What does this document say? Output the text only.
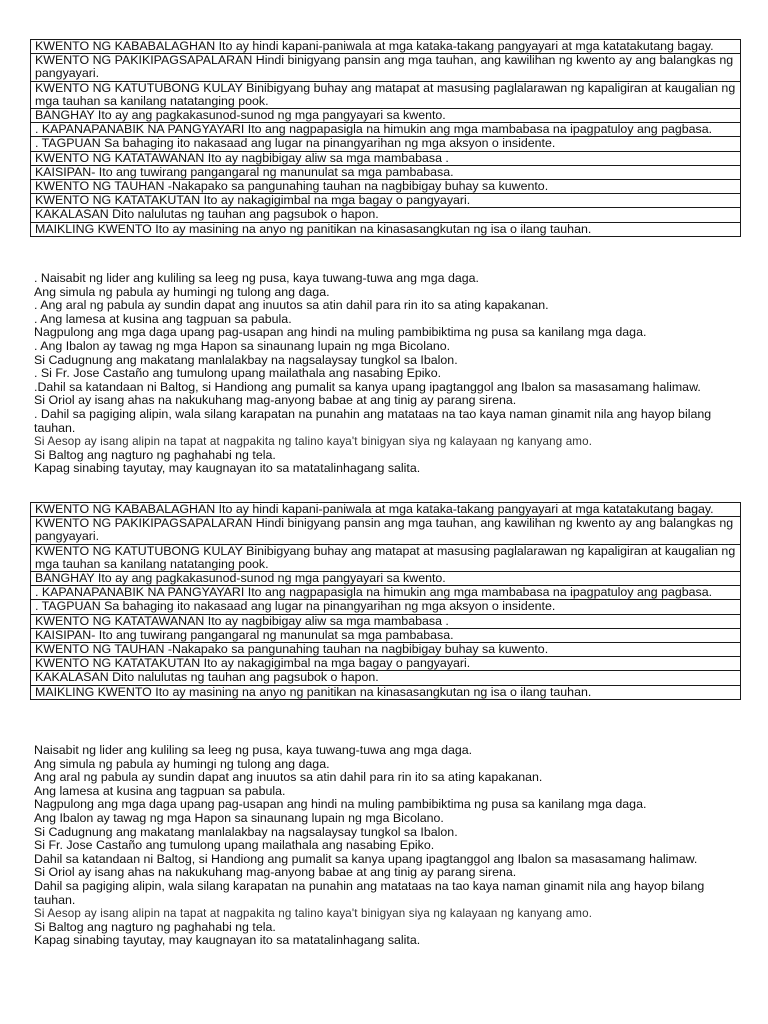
KWENTO NG KABABALAGHAN Ito ay hindi kapani-paniwala at mga kataka-takang pangyayari at mga katatakutang bagay.
KWENTO NG PAKIKIPAGSAPALARAN Hindi binigyang pansin ang mga tauhan, ang kawilihan ng kwento ay ang balangkas ng pangyayari.
KWENTO NG KATUTUBONG KULAY Binibigyang buhay ang matapat at masusing paglalarawan ng kapaligiran at kaugalian ng mga tauhan sa kanilang natatanging pook.
BANGHAY Ito ay ang pagkakasunod-sunod ng mga pangyayari sa kwento.
. KAPANAPANABIK NA PANGYAYARI Ito ang nagpapasigla na himukin ang mga mambabasa na ipagpatuloy ang pagbasa.
. TAGPUAN Sa bahaging ito nakasaad ang lugar na pinangyarihan ng mga aksyon o insidente.
KWENTO NG KATATAWANAN Ito ay nagbibigay aliw sa mga mambabasa .
KAISIPAN- Ito ang tuwirang pangangaral ng manunulat sa mga pambabasa.
KWENTO NG TAUHAN -Nakapako sa pangunahing tauhan na nagbibigay buhay sa kuwento.
KWENTO NG KATATAKUTAN Ito ay nakagigimbal na mga bagay o pangyayari.
KAKALASAN Dito nalulutas ng tauhan ang pagsubok o hapon.
MAIKLING KWENTO Ito ay masining na anyo ng panitikan na kinasasangkutan ng isa o ilang tauhan.

. Naisabit ng lider ang kuliling sa leeg ng pusa, kaya tuwang-tuwa ang mga daga.

Ang simula ng pabula ay humingi ng tulong ang daga.

. Ang aral ng pabula ay sundin dapat ang inuutos sa atin dahil para rin ito sa ating kapakanan.

. Ang lamesa at kusina ang tagpuan sa pabula.

Nagpulong ang mga daga upang pag-usapan ang hindi na muling pambibiktima ng pusa sa kanilang mga daga.

. Ang Ibalon ay tawag ng mga Hapon sa sinaunang lupain ng mga Bicolano.

Si Cadugnung ang makatang manlalakbay na nagsalaysay tungkol sa Ibalon.

. Si Fr. Jose Castaño ang tumulong upang mailathala ang nasabing Epiko.

.Dahil sa katandaan ni Baltog, si Handiong ang pumalit sa kanya upang ipagtanggol ang Ibalon sa masasamang halimaw.

Si Oriol ay isang ahas na nakukuhang mag-anyong babae at ang tinig ay parang sirena.

. Dahil sa pagiging alipin, wala silang karapatan na punahin ang matataas na tao kaya naman ginamit nila ang hayop bilang tauhan.

Si Aesop ay isang alipin na tapat at nagpakita ng talino kaya't binigyan siya ng kalayaan ng kanyang amo.

Si Baltog ang nagturo ng paghahabi ng tela.

Kapag sinabing tayutay, may kaugnayan ito sa matatalinhagang salita.

KWENTO NG KABABALAGHAN Ito ay hindi kapani-paniwala at mga kataka-takang pangyayari at mga katatakutang bagay.
KWENTO NG PAKIKIPAGSAPALARAN Hindi binigyang pansin ang mga tauhan, ang kawilihan ng kwento ay ang balangkas ng pangyayari.
KWENTO NG KATUTUBONG KULAY Binibigyang buhay ang matapat at masusing paglalarawan ng kapaligiran at kaugalian ng mga tauhan sa kanilang natatanging pook.
BANGHAY Ito ay ang pagkakasunod-sunod ng mga pangyayari sa kwento.
. KAPANAPANABIK NA PANGYAYARI Ito ang nagpapasigla na himukin ang mga mambabasa na ipagpatuloy ang pagbasa.
. TAGPUAN Sa bahaging ito nakasaad ang lugar na pinangyarihan ng mga aksyon o insidente.
KWENTO NG KATATAWANAN Ito ay nagbibigay aliw sa mga mambabasa .
KAISIPAN- Ito ang tuwirang pangangaral ng manunulat sa mga pambabasa.
KWENTO NG TAUHAN -Nakapako sa pangunahing tauhan na nagbibigay buhay sa kuwento.
KWENTO NG KATATAKUTAN Ito ay nakagigimbal na mga bagay o pangyayari.
KAKALASAN Dito nalulutas ng tauhan ang pagsubok o hapon.
MAIKLING KWENTO Ito ay masining na anyo ng panitikan na kinasasangkutan ng isa o ilang tauhan.

Naisabit ng lider ang kuliling sa leeg ng pusa, kaya tuwang-tuwa ang mga daga.

Ang simula ng pabula ay humingi ng tulong ang daga.

Ang aral ng pabula ay sundin dapat ang inuutos sa atin dahil para rin ito sa ating kapakanan.

Ang lamesa at kusina ang tagpuan sa pabula.

Nagpulong ang mga daga upang pag-usapan ang hindi na muling pambibiktima ng pusa sa kanilang mga daga.

Ang Ibalon ay tawag ng mga Hapon sa sinaunang lupain ng mga Bicolano.

Si Cadugnung ang makatang manlalakbay na nagsalaysay tungkol sa Ibalon.

Si Fr. Jose Castaño ang tumulong upang mailathala ang nasabing Epiko.

Dahil sa katandaan ni Baltog, si Handiong ang pumalit sa kanya upang ipagtanggol ang Ibalon sa masasamang halimaw.

Si Oriol ay isang ahas na nakukuhang mag-anyong babae at ang tinig ay parang sirena.

Dahil sa pagiging alipin, wala silang karapatan na punahin ang matataas na tao kaya naman ginamit nila ang hayop bilang tauhan.

Si Aesop ay isang alipin na tapat at nagpakita ng talino kaya't binigyan siya ng kalayaan ng kanyang amo.

Si Baltog ang nagturo ng paghahabi ng tela.

Kapag sinabing tayutay, may kaugnayan ito sa matatalinhagang salita.
